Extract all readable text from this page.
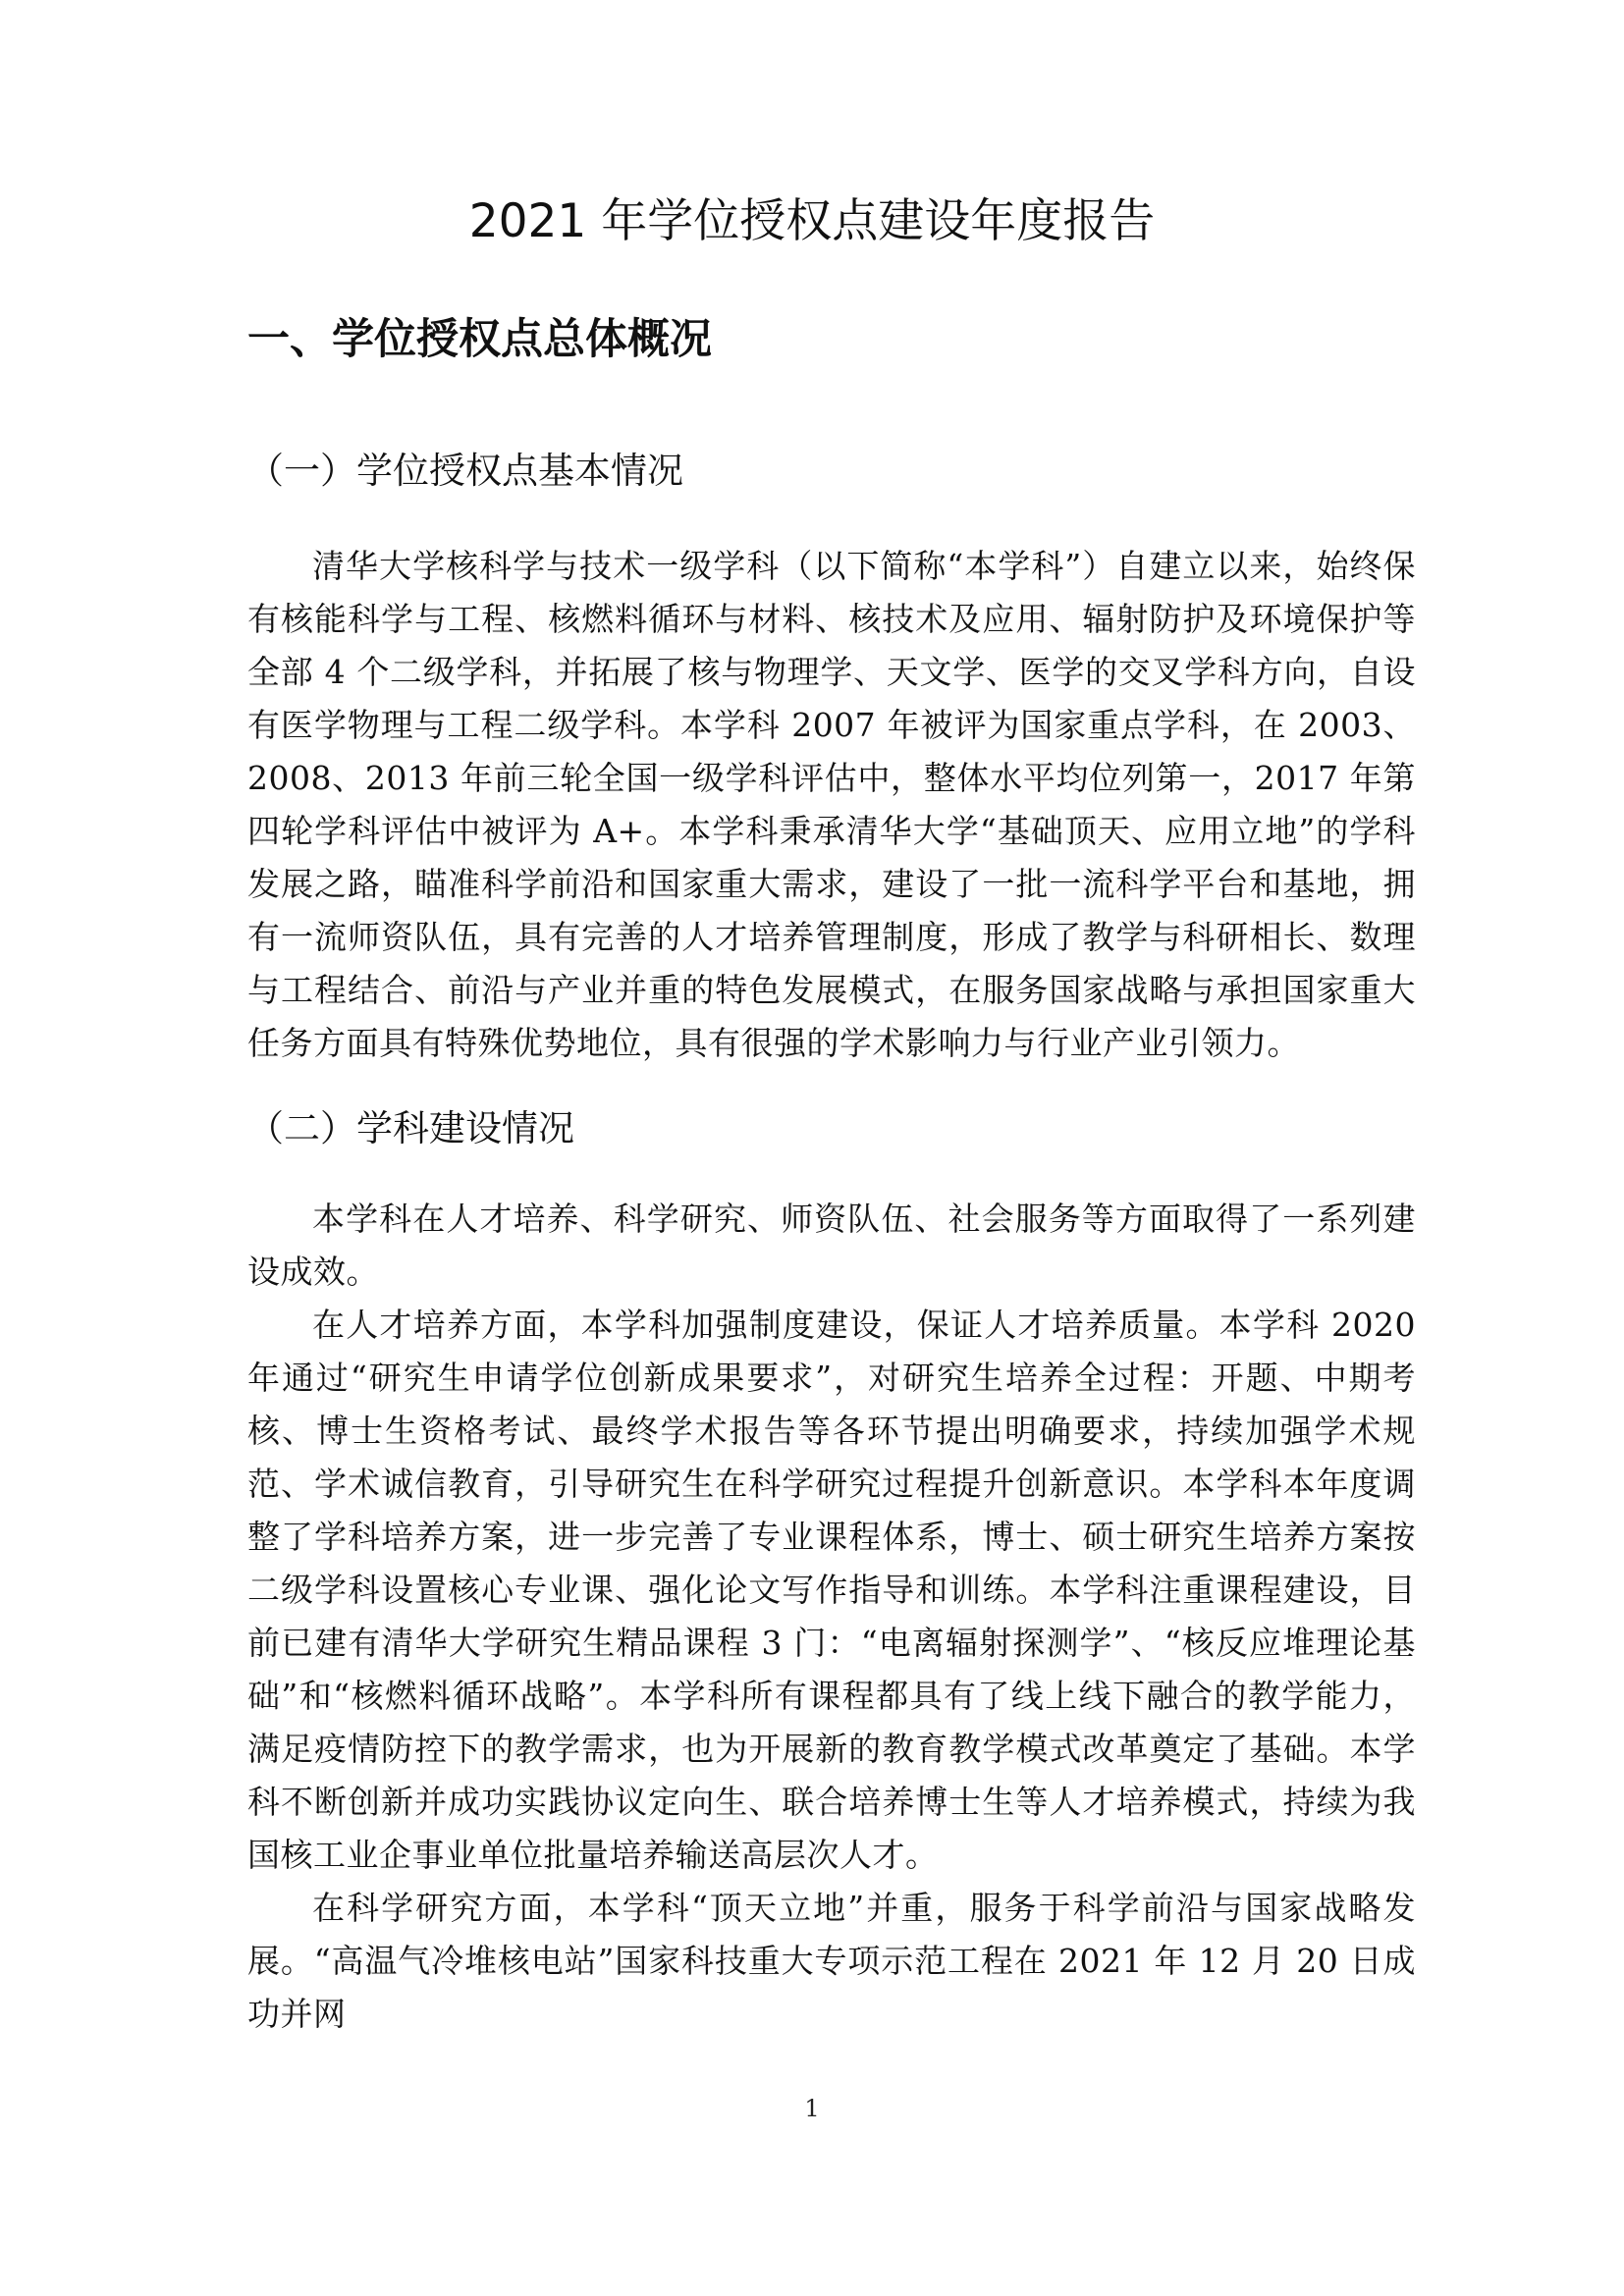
2021 年学位授权点建设年度报告
一、学位授权点总体概况
（一）学位授权点基本情况

清华大学核科学与技术一级学科（以下简称“本学科”）自建立以来，始终保有核能科学与工程、核燃料循环与材料、核技术及应用、辐射防护及环境保护等全部 4 个二级学科，并拓展了核与物理学、天文学、医学的交叉学科方向，自设有医学物理与工程二级学科。本学科 2007 年被评为国家重点学科，在 2003、2008、2013 年前三轮全国一级学科评估中，整体水平均位列第一，2017 年第四轮学科评估中被评为 A+。本学科秉承清华大学“基础顶天、应用立地”的学科发展之路，瞄准科学前沿和国家重大需求，建设了一批一流科学平台和基地，拥有一流师资队伍，具有完善的人才培养管理制度，形成了教学与科研相长、数理与工程结合、前沿与产业并重的特色发展模式，在服务国家战略与承担国家重大任务方面具有特殊优势地位，具有很强的学术影响力与行业产业引领力。

（二）学科建设情况

本学科在人才培养、科学研究、师资队伍、社会服务等方面取得了一系列建设成效。

在人才培养方面，本学科加强制度建设，保证人才培养质量。本学科 2020 年通过“研究生申请学位创新成果要求”，对研究生培养全过程：开题、中期考核、博士生资格考试、最终学术报告等各环节提出明确要求，持续加强学术规范、学术诚信教育，引导研究生在科学研究过程提升创新意识。本学科本年度调整了学科培养方案，进一步完善了专业课程体系，博士、硕士研究生培养方案按二级学科设置核心专业课、强化论文写作指导和训练。本学科注重课程建设，目前已建有清华大学研究生精品课程 3 门：“电离辐射探测学”、“核反应堆理论基础”和“核燃料循环战略”。本学科所有课程都具有了线上线下融合的教学能力，满足疫情防控下的教学需求，也为开展新的教育教学模式改革奠定了基础。本学科不断创新并成功实践协议定向生、联合培养博士生等人才培养模式，持续为我国核工业企事业单位批量培养输送高层次人才。

在科学研究方面，本学科“顶天立地”并重，服务于科学前沿与国家战略发展。“高温气冷堆核电站”国家科技重大专项示范工程在 2021 年 12 月 20 日成功并网

1
